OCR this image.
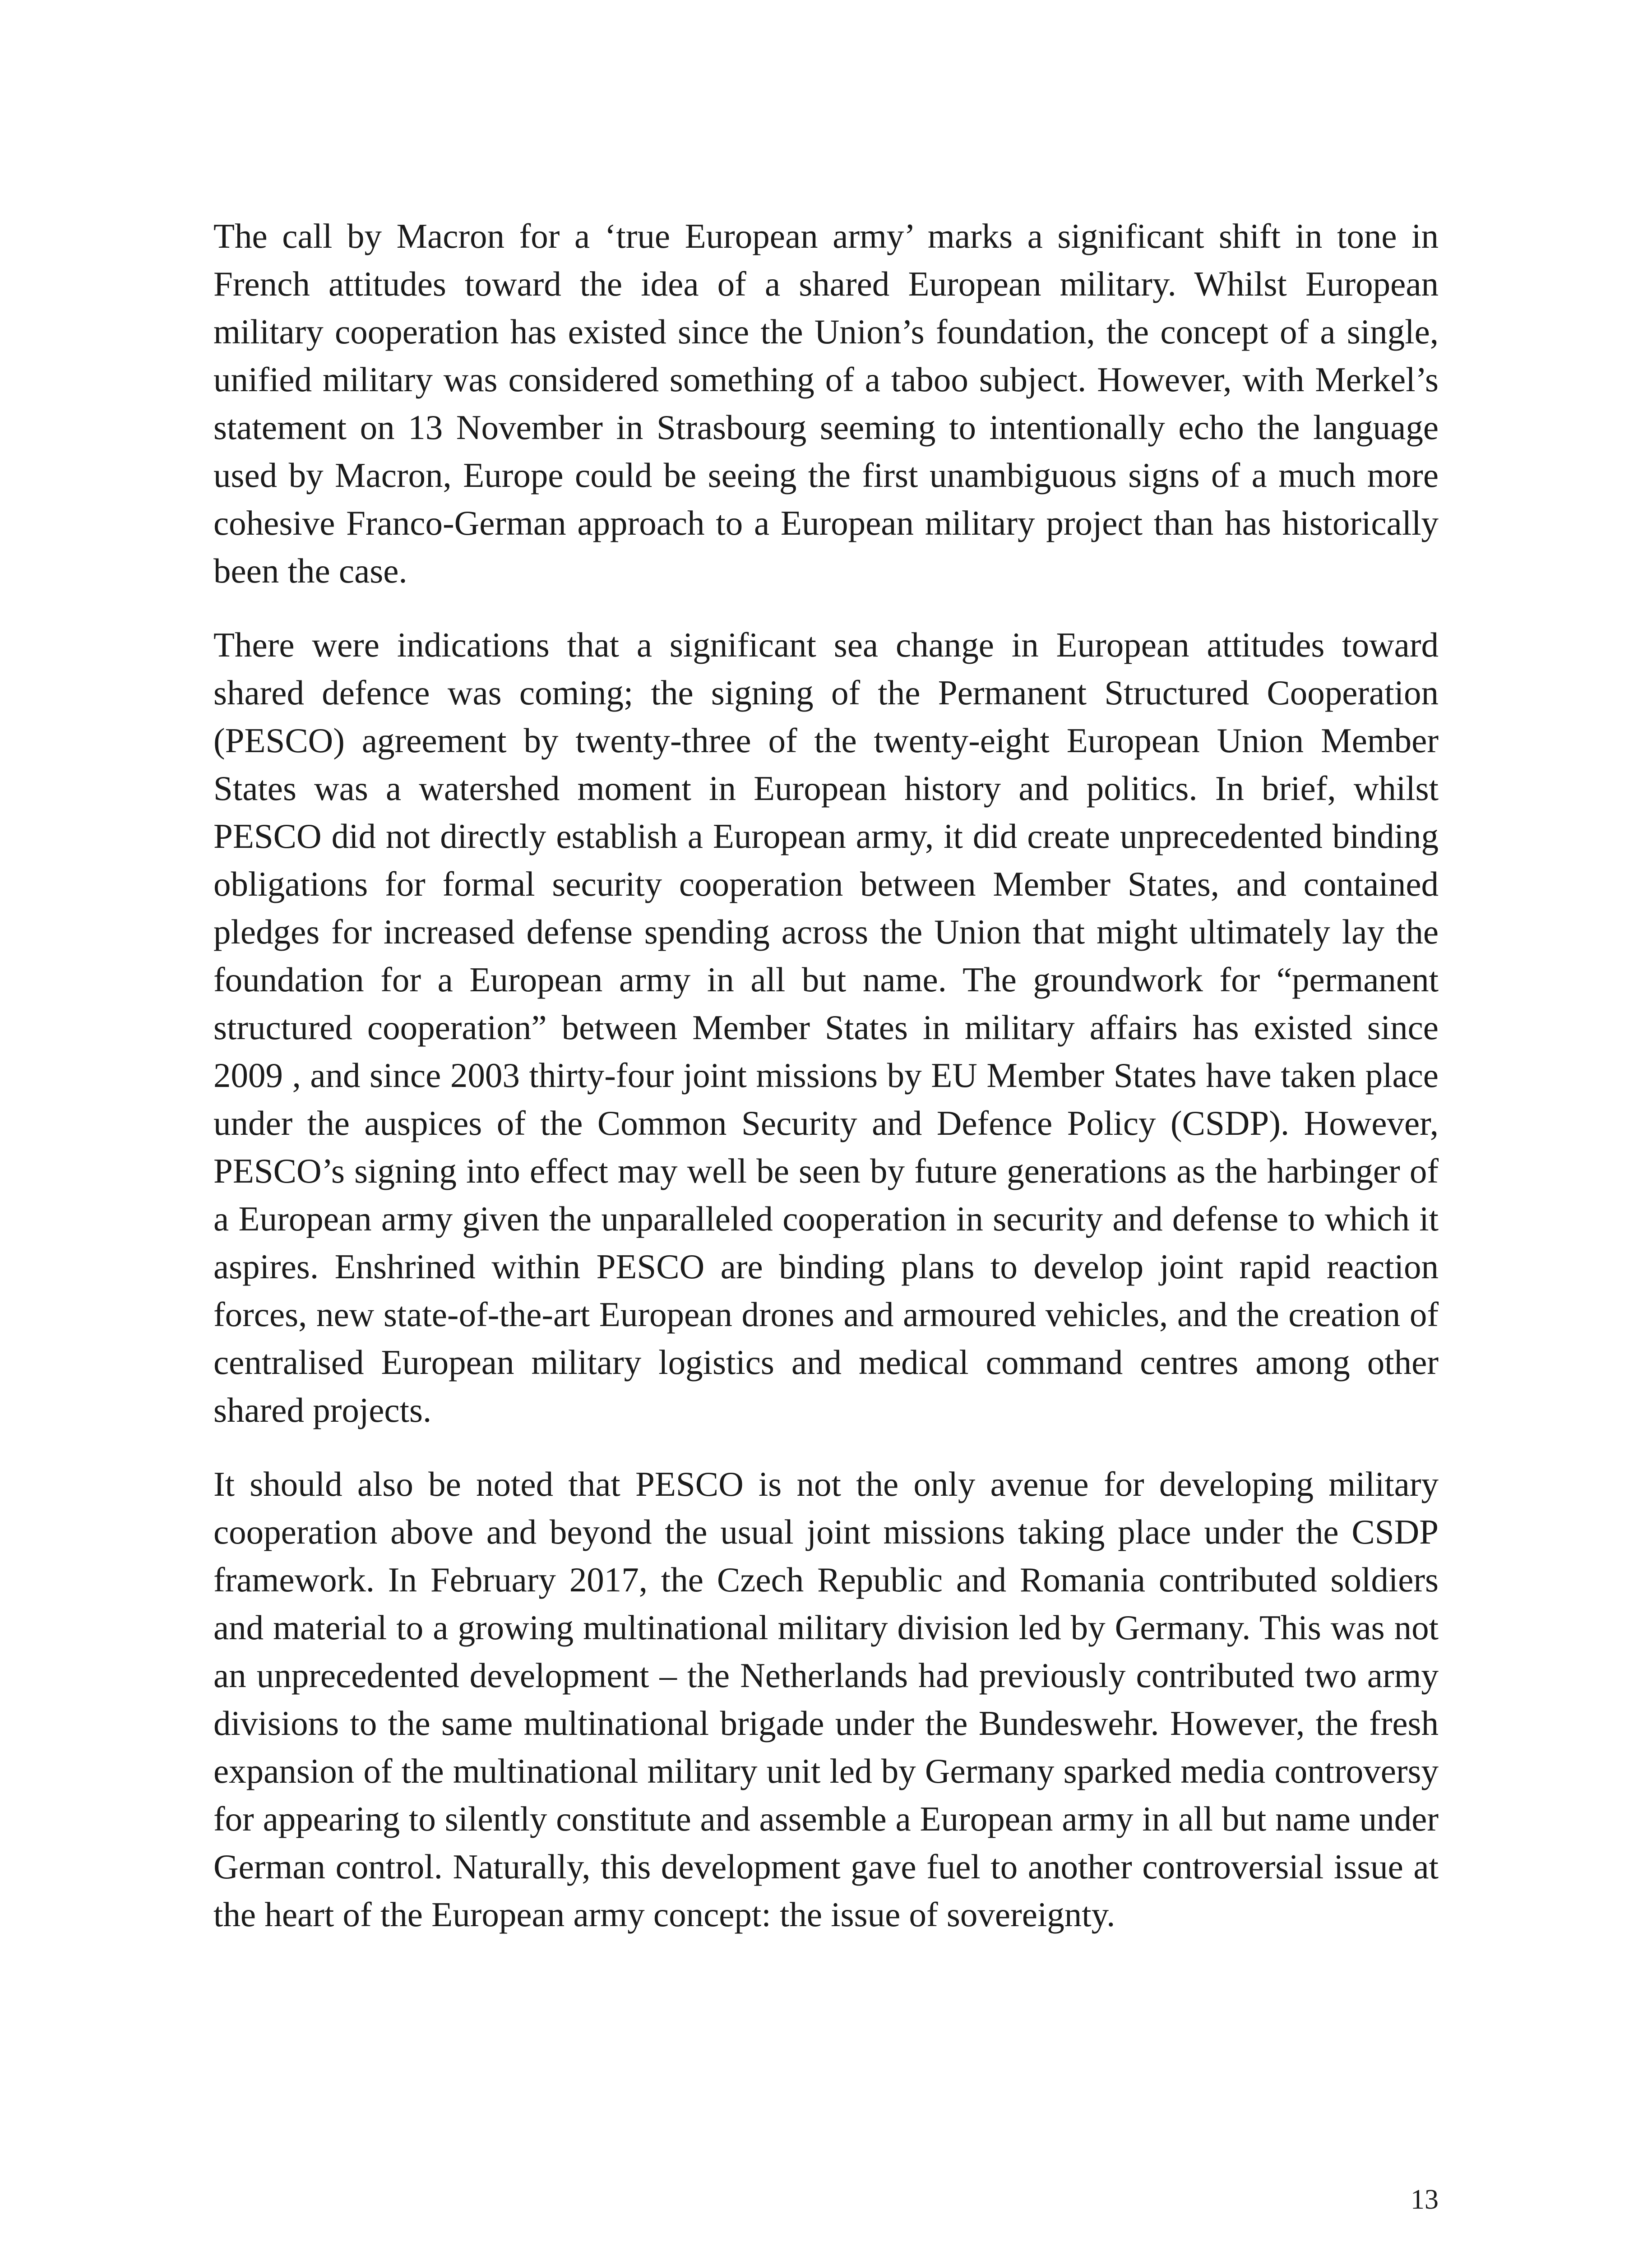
The call by Macron for a ‘true European army’ marks a significant shift in tone in French attitudes toward the idea of a shared European military. Whilst European military cooperation has existed since the Union’s foundation, the concept of a single, unified military was considered something of a taboo subject. However, with Merkel’s statement on 13 November in Strasbourg seeming to intentionally echo the language used by Macron, Europe could be seeing the first unambiguous signs of a much more cohesive Franco-German approach to a European military project than has historically been the case.

There were indications that a significant sea change in European attitudes toward shared defence was coming; the signing of the Permanent Structured Cooperation (PESCO) agreement by twenty-three of the twenty-eight European Union Member States was a watershed moment in European history and politics. In brief, whilst PESCO did not directly establish a European army, it did create unprecedented binding obligations for formal security cooperation between Member States, and contained pledges for increased defense spending across the Union that might ultimately lay the foundation for a European army in all but name. The groundwork for “permanent structured cooperation” between Member States in military affairs has existed since 2009 , and since 2003 thirty-four joint missions by EU Member States have taken place under the auspices of the Common Security and Defence Policy (CSDP). However, PESCO’s signing into effect may well be seen by future generations as the harbinger of a European army given the unparalleled cooperation in security and defense to which it aspires. Enshrined within PESCO are binding plans to develop joint rapid reaction forces, new state-of-the-art European drones and armoured vehicles, and the creation of centralised European military logistics and medical command centres among other shared projects.

It should also be noted that PESCO is not the only avenue for developing military cooperation above and beyond the usual joint missions taking place under the CSDP framework. In February 2017, the Czech Republic and Romania contributed soldiers and material to a growing multinational military division led by Germany. This was not an unprecedented development – the Netherlands had previously contributed two army divisions to the same multinational brigade under the Bundeswehr. However, the fresh expansion of the multinational military unit led by Germany sparked media controversy for appearing to silently constitute and assemble a European army in all but name under German control. Naturally, this development gave fuel to another controversial issue at the heart of the European army concept: the issue of sovereignty.

13
